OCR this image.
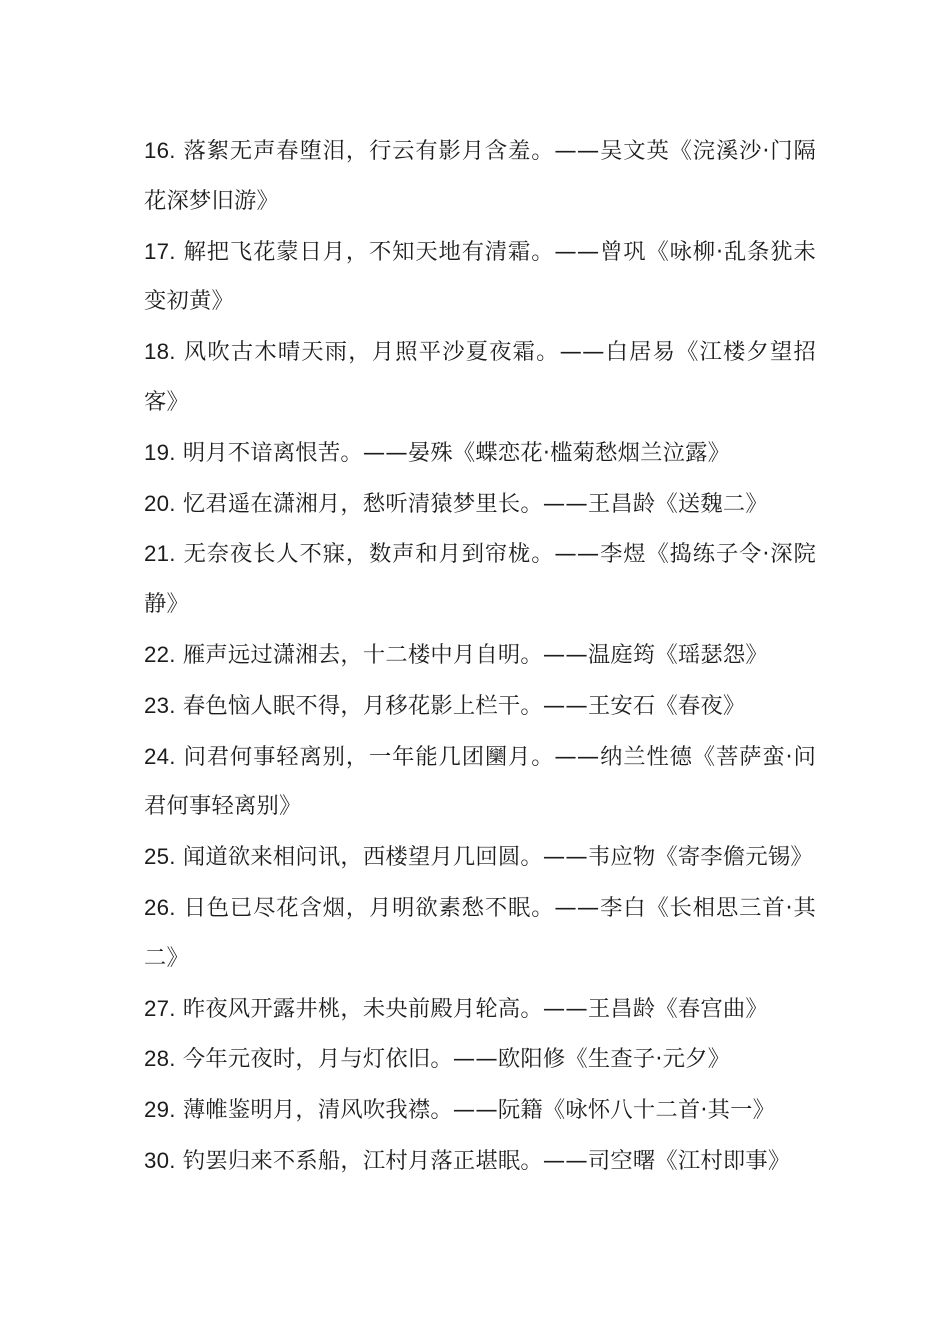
16. 落絮无声春堕泪，行云有影月含羞。——吴文英《浣溪沙·门隔花深梦旧游》

17. 解把飞花蒙日月，不知天地有清霜。——曾巩《咏柳·乱条犹未变初黄》

18. 风吹古木晴天雨，月照平沙夏夜霜。——白居易《江楼夕望招客》

19. 明月不谙离恨苦。——晏殊《蝶恋花·槛菊愁烟兰泣露》

20. 忆君遥在潇湘月，愁听清猿梦里长。——王昌龄《送魏二》

21. 无奈夜长人不寐，数声和月到帘栊。——李煜《捣练子令·深院静》

22. 雁声远过潇湘去，十二楼中月自明。——温庭筠《瑶瑟怨》

23. 春色恼人眠不得，月移花影上栏干。——王安石《春夜》

24. 问君何事轻离别，一年能几团圞月。——纳兰性德《菩萨蛮·问君何事轻离别》

25. 闻道欲来相问讯，西楼望月几回圆。——韦应物《寄李儋元锡》

26. 日色已尽花含烟，月明欲素愁不眠。——李白《长相思三首·其二》

27. 昨夜风开露井桃，未央前殿月轮高。——王昌龄《春宫曲》

28. 今年元夜时，月与灯依旧。——欧阳修《生查子·元夕》

29. 薄帷鉴明月，清风吹我襟。——阮籍《咏怀八十二首·其一》

30. 钓罢归来不系船，江村月落正堪眠。——司空曙《江村即事》
